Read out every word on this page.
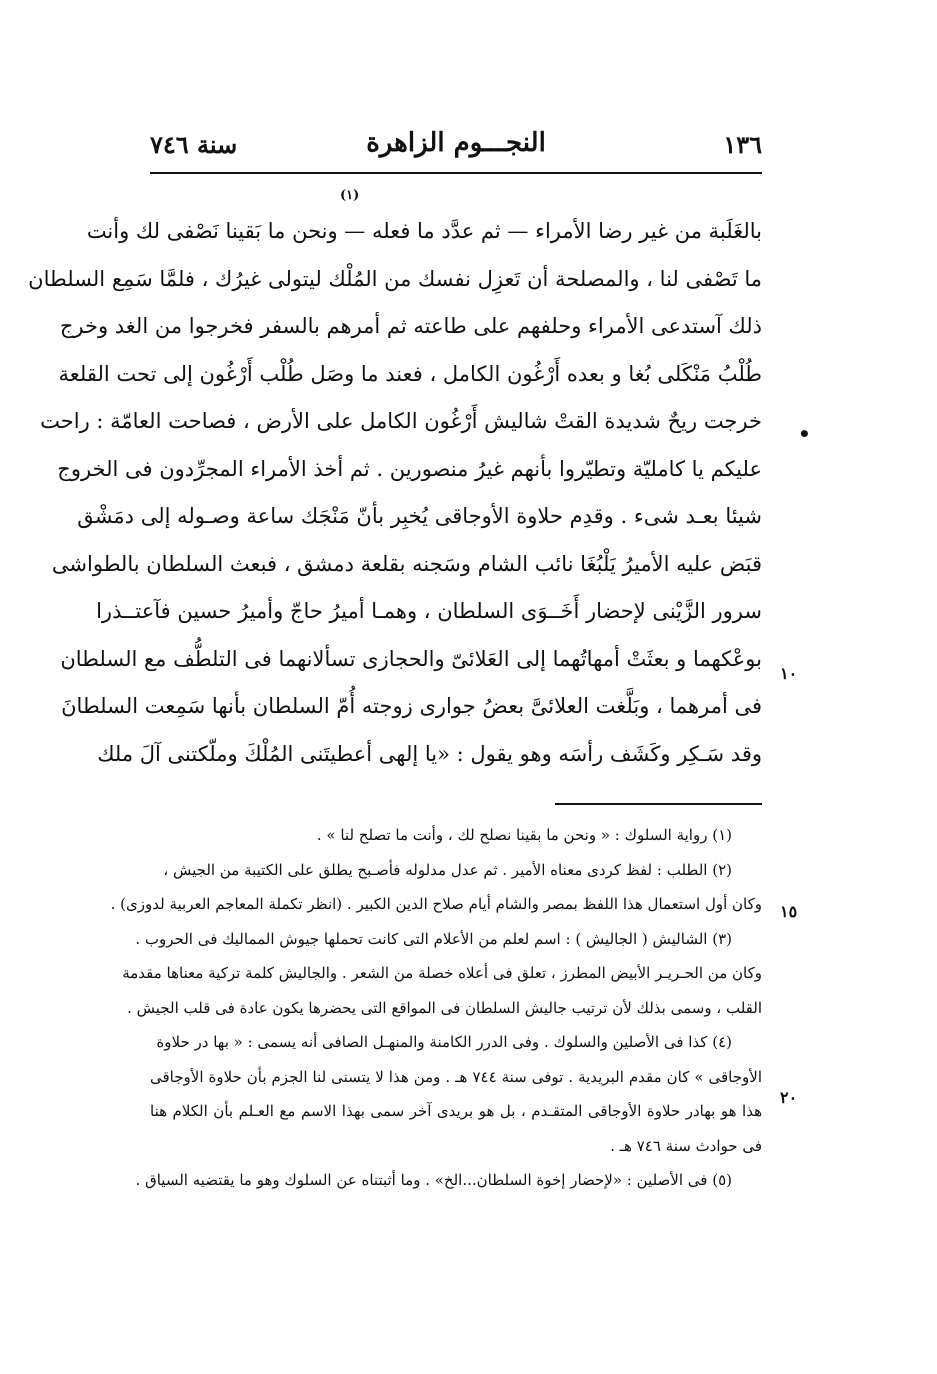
١٣٦
النجـــوم الزاهرة
سنة ٧٤٦
(١)
بالغَلَبة من غير رضا الأمراء — ثم عدَّد ما فعله — ونحن ما بَقينا نَصْفى لك وأنت
ما تَصْفى لنا ، والمصلحة أن تَعزِل نفسك من المُلْك ليتولى غيرُك ، فلمَّا سَمِع السلطان
ذلك آستدعى الأمراء وحلفهم على طاعته ثم أمرهم بالسفر فخرجوا من الغد وخرج
طُلْبُ مَنْكَلى بُغا و بعده أَرْغُون الكامل ، فعند ما وصَل طُلْب أَرْغُون إلى تحت القلعة
خرجت ريحٌ شديدة القتْ شاليش أَرْغُون الكامل على الأرض ، فصاحت العامّة : راحت
عليكم يا كامليّة وتطيّروا بأنهم غيرُ منصورين . ثم أخذ الأمراء المجرِّدون فى الخروج
شيئا بعـد شىء . وقدِم حلاوة الأوجاقى يُخبِر بأنّ مَنْجَك ساعة وصـوله إلى دمَشْق
قبَض عليه الأميرُ يَلْبُغَا نائب الشام وسَجنه بقلعة دمشق ، فبعث السلطان بالطواشى
سرور الزَّيْنى لإحضار أَخَــوَى السلطان ، وهمـا أميرُ حاجّ وأميرُ حسين فآعتــذرا
بوعْكهما و بعثَتْ أمهاتُهما إلى العَلائىّ والحجازى تسألانهما فى التلطُّف مع السلطان
فى أمرهما ، وبَلَّغت العلائىَّ بعضُ جوارى زوجته أُمّ السلطان بأنها سَمِعت السلطانَ
وقد سَـكِر وكَشَف رأسَه وهو يقول : «يا إلهى أعطيتَنى المُلْكَ وملّكتنى آلَ ملك
•
١٠
١٥
٢٠
(١) رواية السلوك : « ونحن ما بقينا نصلح لك ، وأنت ما تصلح لنا » .
(٢) الطلب : لفظ كردى معناه الأمير . ثم عدل مدلوله فأصـبح يطلق على الكتيبة من الجيش ،
وكان أول استعمال هذا اللفظ بمصر والشام أيام صلاح الدين الكبير . (انظر تكملة المعاجم العربية لدوزى) .
(٣) الشاليش ( الجاليش ) : اسم لعلم من الأعلام التى كانت تحملها جيوش المماليك فى الحروب .
وكان من الحـريـر الأبيض المطرز ، تعلق فى أعلاه خصلة من الشعر . والجاليش كلمة تركية معناها مقدمة
القلب ، وسمى بذلك لأن ترتيب جاليش السلطان فى المواقع التى يحضرها يكون عادة فى قلب الجيش .
(٤) كذا فى الأصلين والسلوك . وفى الدرر الكامنة والمنهـل الصافى أنه يسمى : « بها در حلاوة
الأوجاقى » كان مقدم البريدية . توفى سنة ٧٤٤ هـ . ومن هذا لا يتسنى لنا الجزم بأن حلاوة الأوجاقى
هذا هو بهادر حلاوة الأوجاقى المتقـدم ، بل هو بريدى آخر سمى بهذا الاسم مع العـلم بأن الكلام هنا
فى حوادث سنة ٧٤٦ هـ .
(٥) فى الأصلين : «لإحضار إخوة السلطان...الخ» . وما أثبتناه عن السلوك وهو ما يقتضيه السياق .
